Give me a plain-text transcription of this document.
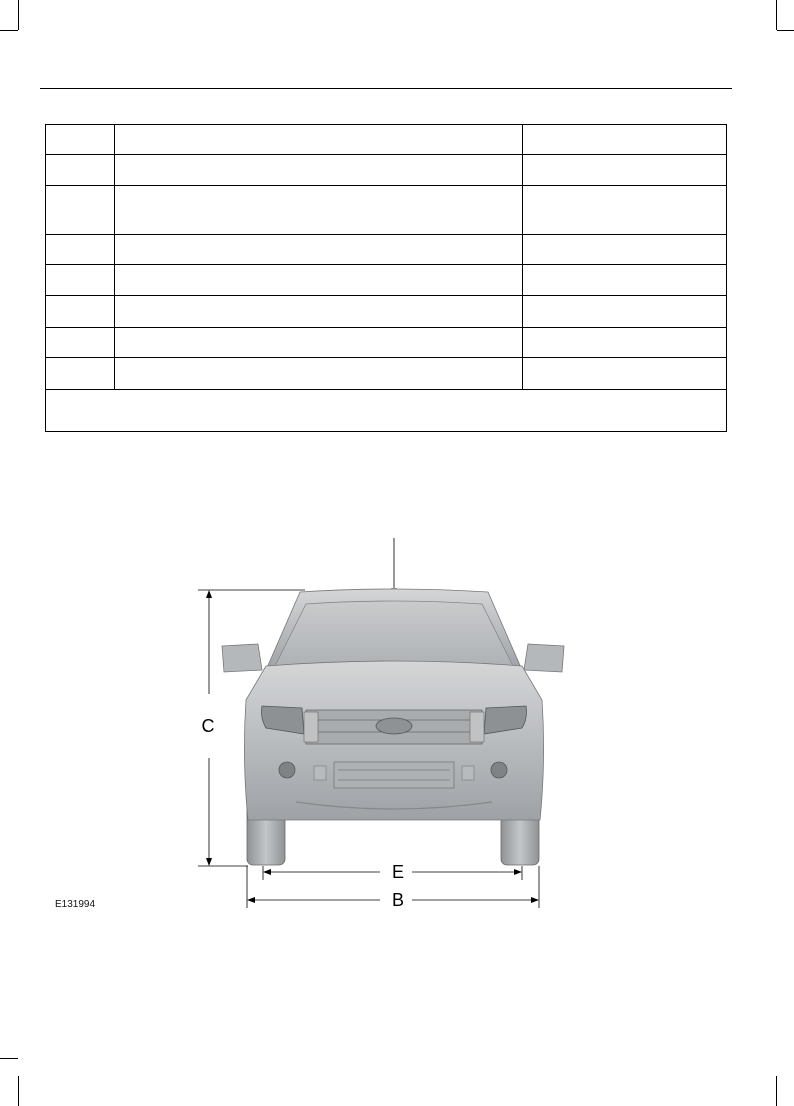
C
E
B
E131994
